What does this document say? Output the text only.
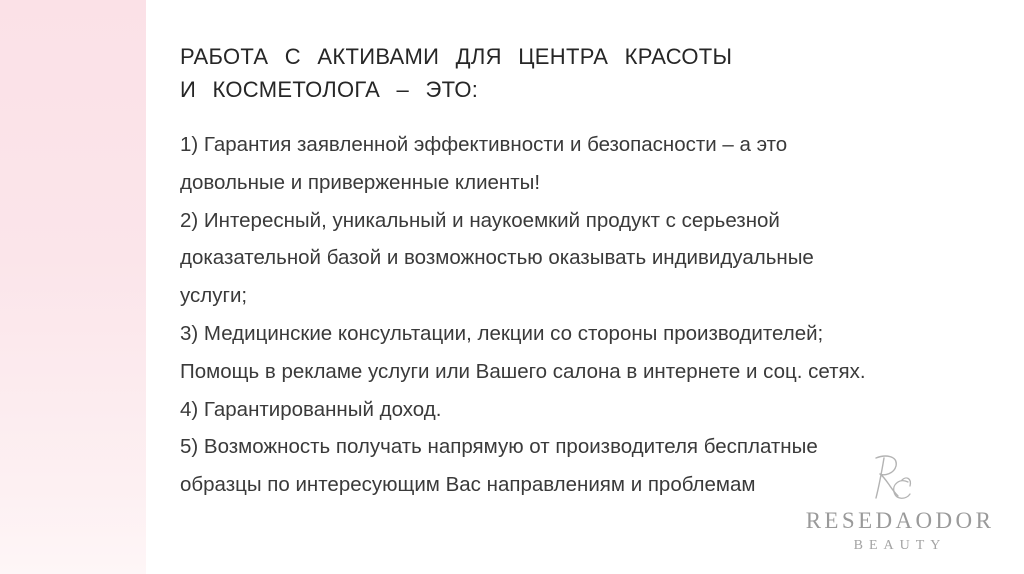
РАБОТА С АКТИВАМИ ДЛЯ ЦЕНТРА КРАСОТЫ
И КОСМЕТОЛОГА – ЭТО:
1) Гарантия заявленной эффективности и безопасности – а это
довольные и приверженные клиенты!
2) Интересный, уникальный и наукоемкий продукт с серьезной
доказательной базой и возможностью оказывать индивидуальные
услуги;
3) Медицинские консультации, лекции со стороны производителей;
Помощь в рекламе услуги или Вашего салона в интернете и соц. сетях.
4) Гарантированный доход.
5) Возможность получать напрямую от производителя бесплатные
образцы по интересующим Вас направлениям и проблемам
RESEDAODOR
BEAUTY
